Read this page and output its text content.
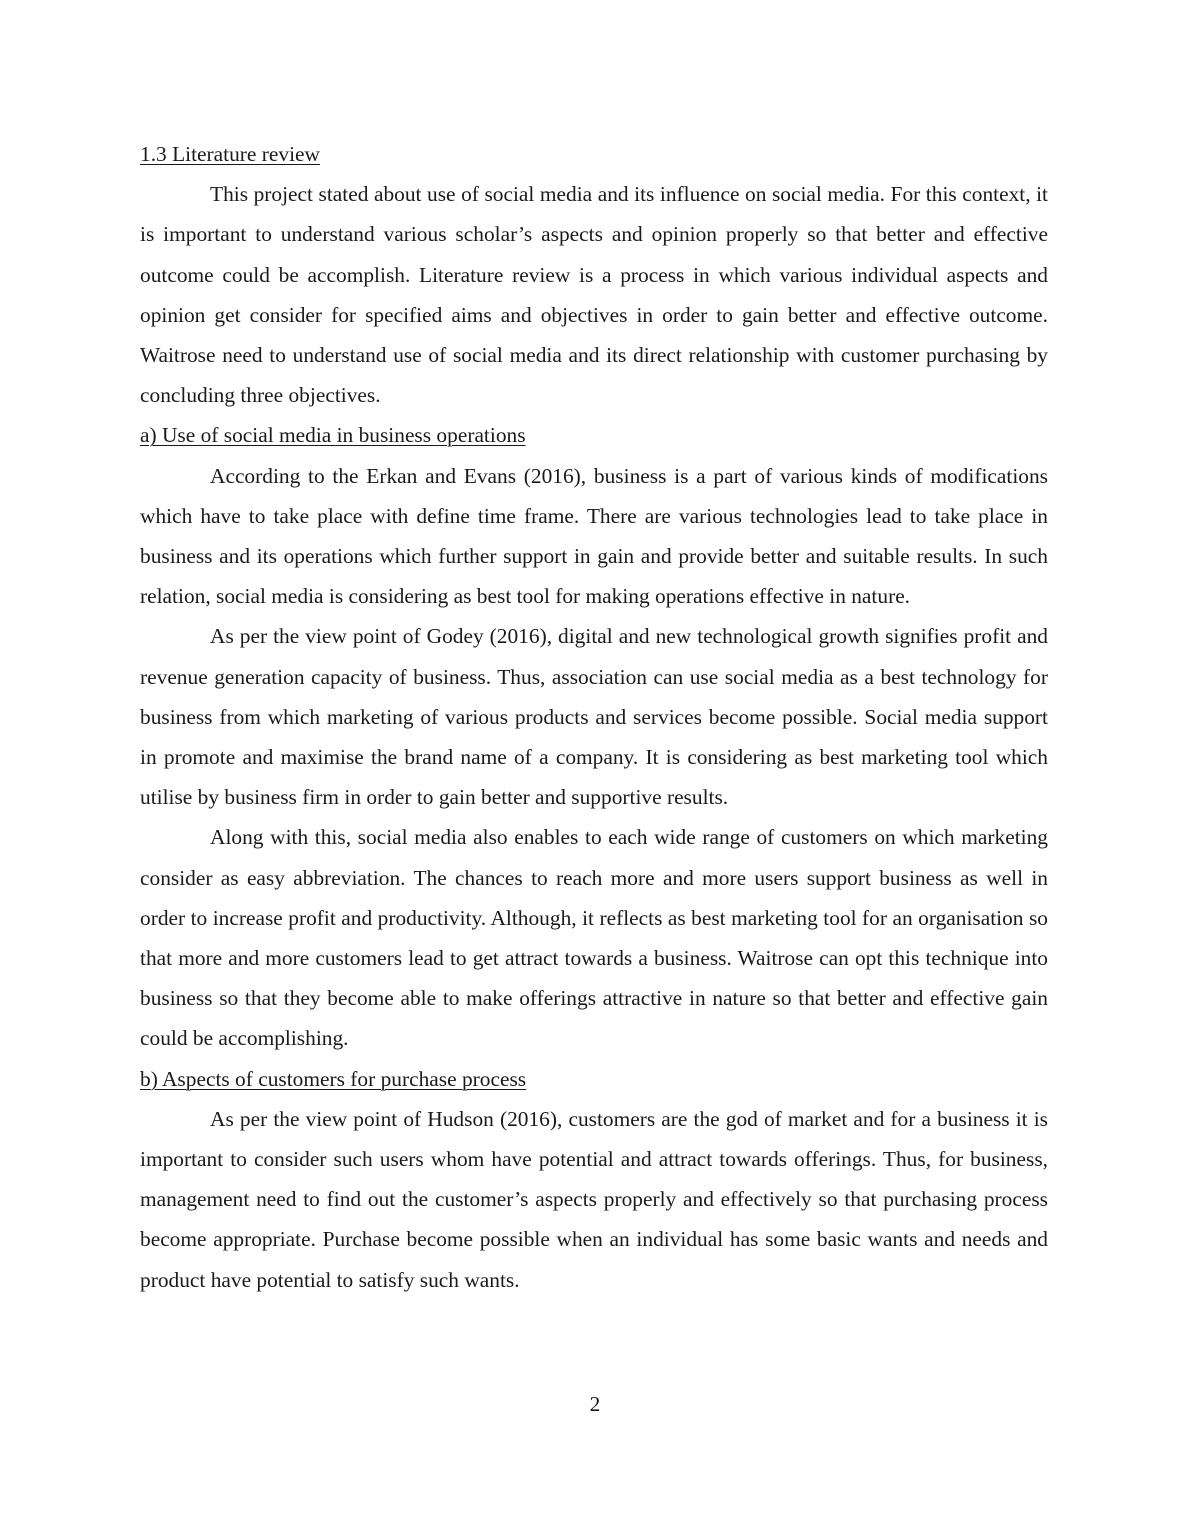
1.3 Literature review

This project stated about use of social media and its influence on social media. For this context, it is important to understand various scholar’s aspects and opinion properly so that better and effective outcome could be accomplish. Literature review is a process in which various individual aspects and opinion get consider for specified aims and objectives in order to gain better and effective outcome. Waitrose need to understand use of social media and its direct relationship with customer purchasing by concluding three objectives.

a) Use of social media in business operations

According to the Erkan and Evans (2016), business is a part of various kinds of modifications which have to take place with define time frame. There are various technologies lead to take place in business and its operations which further support in gain and provide better and suitable results. In such relation, social media is considering as best tool for making operations effective in nature.

As per the view point of Godey (2016), digital and new technological growth signifies profit and revenue generation capacity of business. Thus, association can use social media as a best technology for business from which marketing of various products and services become possible. Social media support in promote and maximise the brand name of a company. It is considering as best marketing tool which utilise by business firm in order to gain better and supportive results.

Along with this, social media also enables to each wide range of customers on which marketing consider as easy abbreviation. The chances to reach more and more users support business as well in order to increase profit and productivity. Although, it reflects as best marketing tool for an organisation so that more and more customers lead to get attract towards a business. Waitrose can opt this technique into business so that they become able to make offerings attractive in nature so that better and effective gain could be accomplishing.

b) Aspects of customers for purchase process

As per the view point of Hudson (2016), customers are the god of market and for a business it is important to consider such users whom have potential and attract towards offerings. Thus, for business, management need to find out the customer’s aspects properly and effectively so that purchasing process become appropriate. Purchase become possible when an individual has some basic wants and needs and product have potential to satisfy such wants.

2
